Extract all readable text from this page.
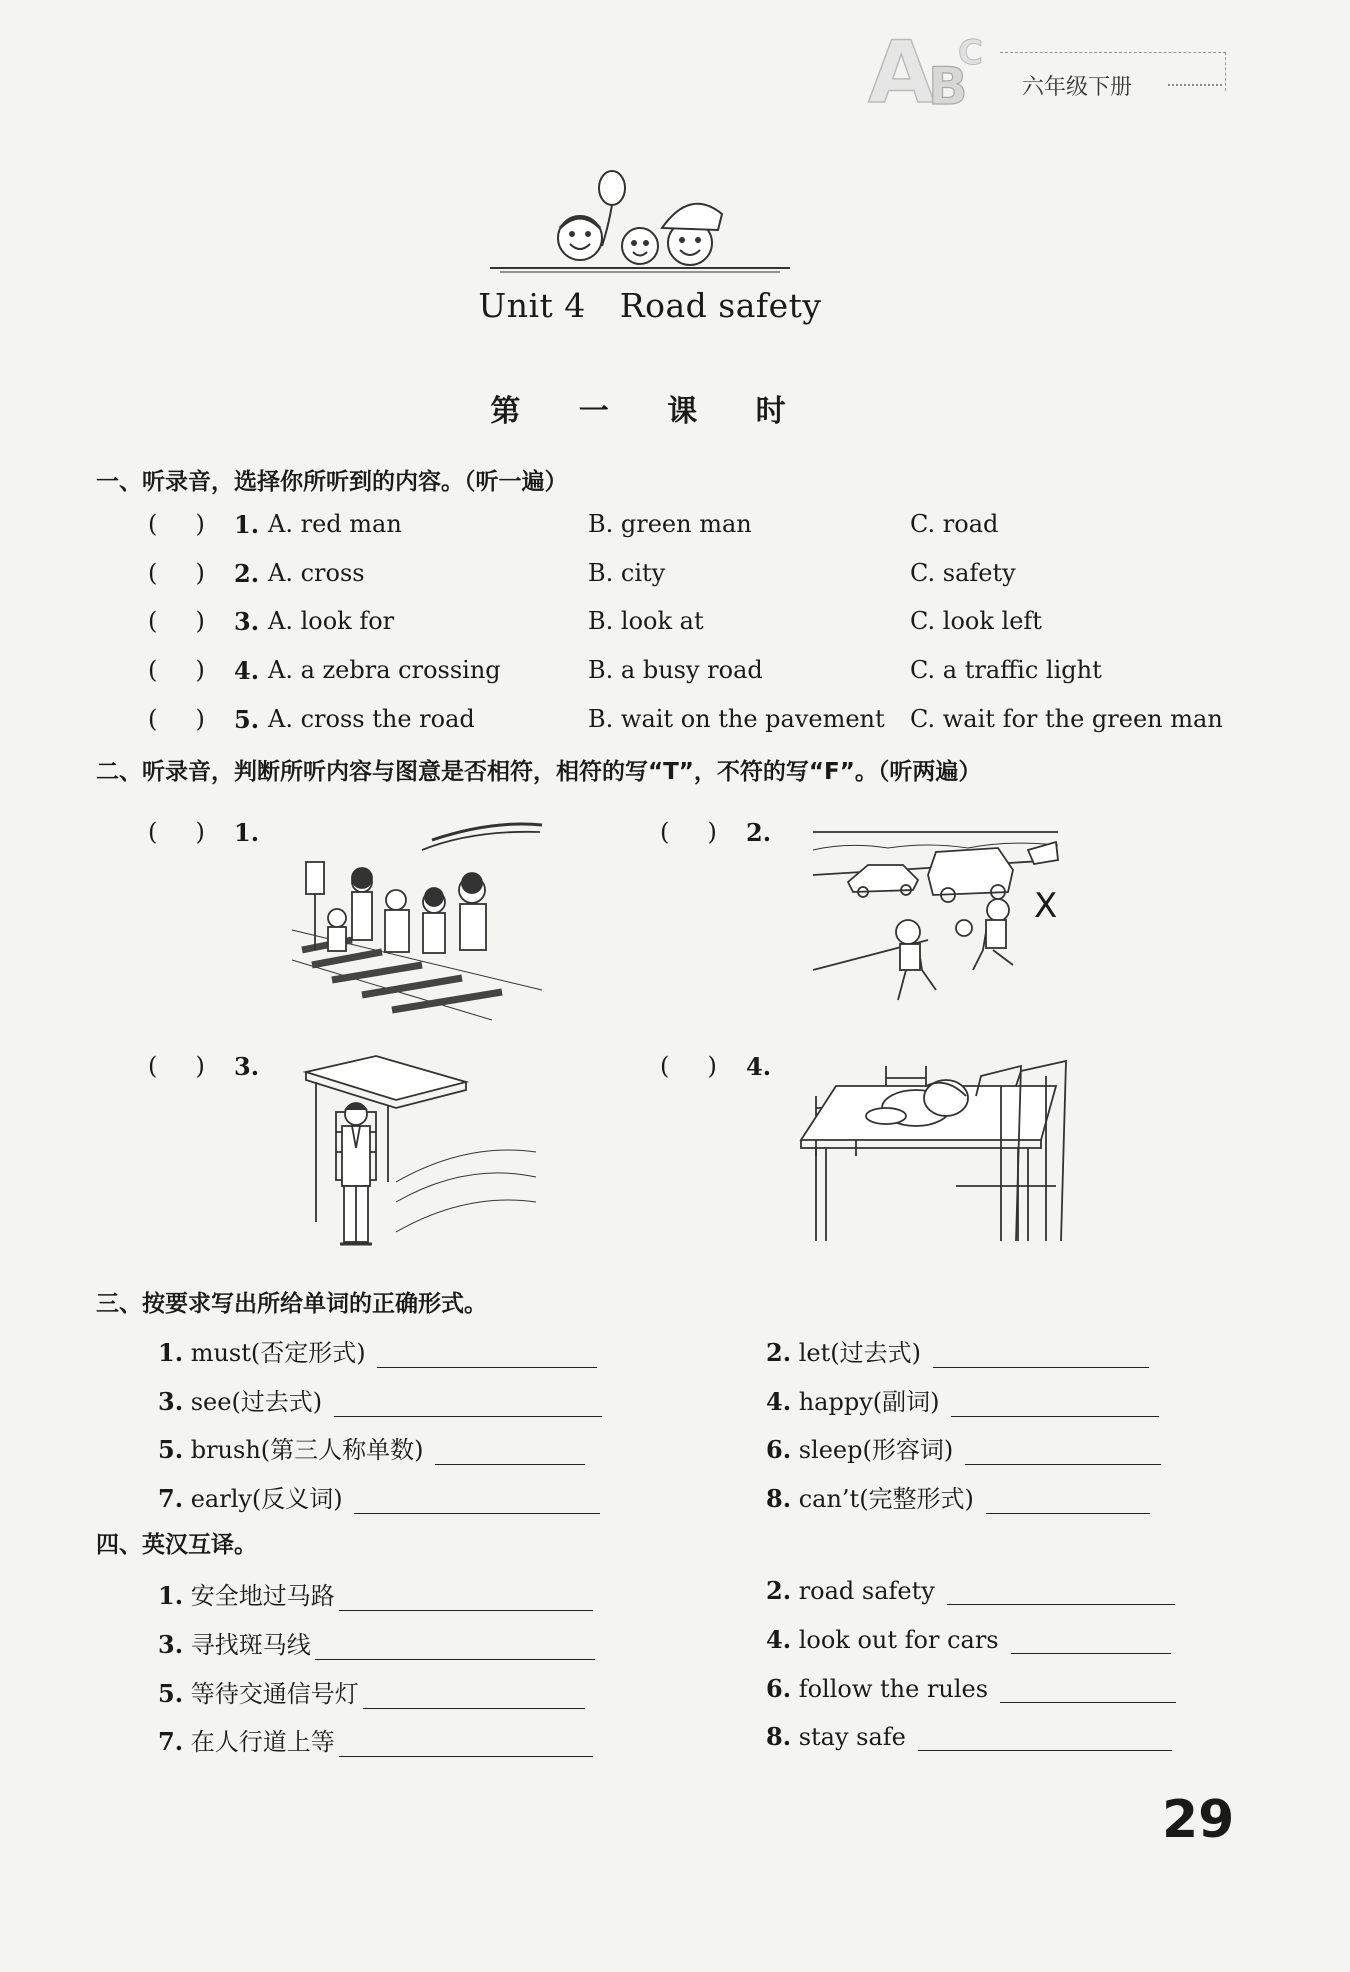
A
B
C
六年级下册
Unit 4 Road safety
第 一 课 时
一、听录音，选择你所听到的内容。（听一遍）
(     ) 1. A. red man	B. green man	C. road
(     ) 2. A. cross	B. city	C. safety
(     ) 3. A. look for	B. look at	C. look left
(     ) 4. A. a zebra crossing	B. a busy road	C. a traffic light
(     ) 5. A. cross the road	B. wait on the pavement C. wait for the green man
二、听录音，判断所听内容与图意是否相符，相符的写“T”，不符的写“F”。（听两遍）
(     ) 1.	(     ) 2.
(     ) 3.	(     ) 4.
X
三、按要求写出所给单词的正确形式。
1. must(否定形式)	2. let(过去式)
3. see(过去式)	4. happy(副词)
5. brush(第三人称单数)	6. sleep(形容词)
7. early(反义词)	8. can’t(完整形式)
四、英汉互译。
1. 安全地过马路	2. road safety
3. 寻找斑马线	4. look out for cars
5. 等待交通信号灯	6. follow the rules
7. 在人行道上等	8. stay safe
29
